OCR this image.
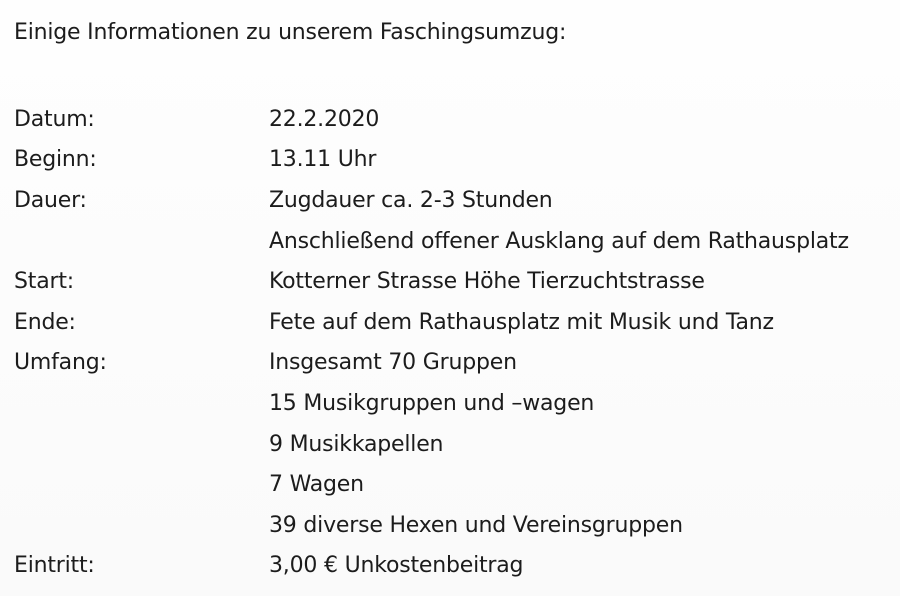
Einige Informationen zu unserem Faschingsumzug:
Datum:	22.2.2020
Beginn:	13.11 Uhr
Dauer:	Zugdauer ca. 2-3 Stunden
Anschließend offener Ausklang auf dem Rathausplatz
Start:	Kotterner Strasse Höhe Tierzuchtstrasse
Ende:	Fete auf dem Rathausplatz mit Musik und Tanz
Umfang:	Insgesamt 70 Gruppen
15 Musikgruppen und –wagen
9 Musikkapellen
7 Wagen
39 diverse Hexen und Vereinsgruppen
Eintritt:	3,00 € Unkostenbeitrag
